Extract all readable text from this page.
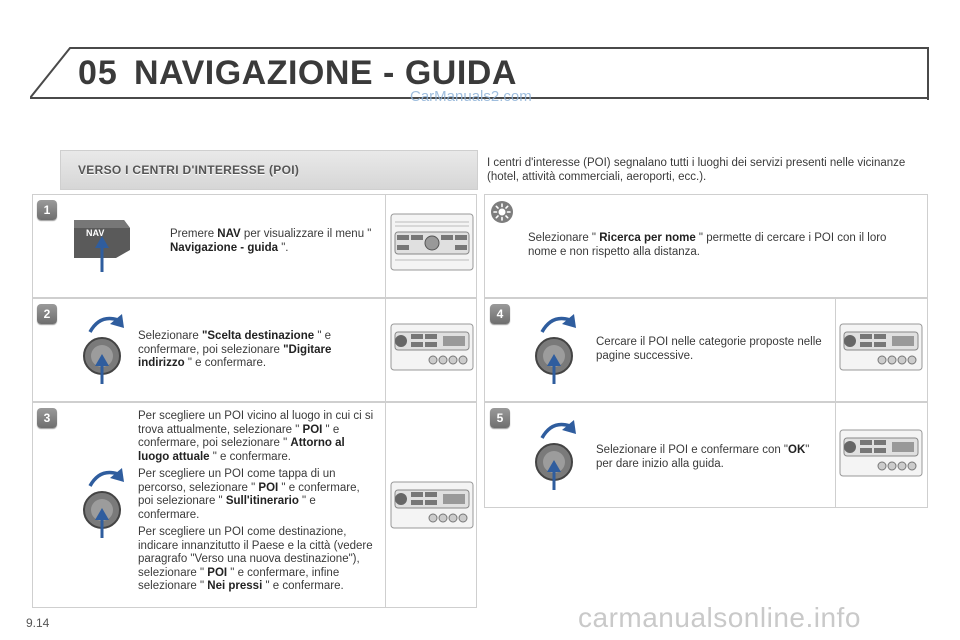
05 NAVIGAZIONE - GUIDA
CarManuals2.com
VERSO I CENTRI D'INTERESSE (POI)	I centri d'interesse (POI) segnalano tutti i luoghi dei servizi presenti nelle vicinanze (hotel, attività commerciali, aeroporti, ecc.).
1
2
3
4
5
NAV	Premere NAV per visualizzare il menu " Navigazione - guida ".
Selezionare "Scelta destinazione " e confermare, poi selezionare "Digitare indirizzo " e confermare.

Per scegliere un POI vicino al luogo in cui ci si trova attualmente, selezionare " POI " e confermare, poi selezionare " Attorno al luogo attuale " e confermare.

Per scegliere un POI come tappa di un percorso, selezionare " POI " e confermare, poi selezionare " Sull'itinerario " e confermare.

Per scegliere un POI come destinazione, indicare innanzitutto il Paese e la città (vedere paragrafo "Verso una nuova destinazione"), selezionare " POI " e confermare, infine selezionare " Nei pressi " e confermare.

Selezionare " Ricerca per nome " permette di cercare i POI con il loro nome e non rispetto alla distanza.
Cercare il POI nelle categorie proposte nelle pagine successive.
Selezionare il POI e confermare con "OK" per dare inizio alla guida.
9.14	carmanualsonline.info
